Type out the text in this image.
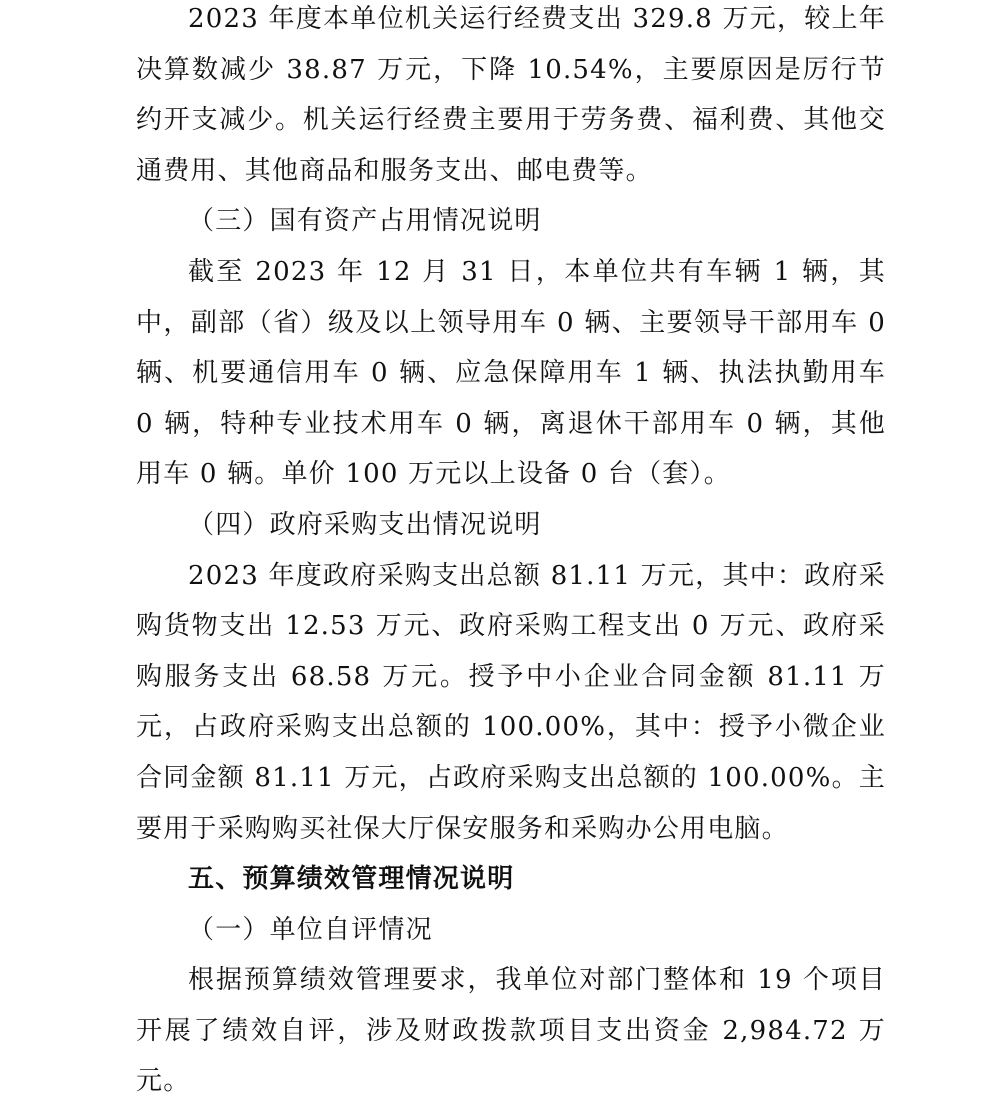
2023 年度本单位机关运行经费支出 329.8 万元，较上年决算数减少 38.87 万元，下降 10.54%，主要原因是厉行节约开支减少。机关运行经费主要用于劳务费、福利费、其他交通费用、其他商品和服务支出、邮电费等。

（三）国有资产占用情况说明

截至 2023 年 12 月 31 日，本单位共有车辆 1 辆，其中，副部（省）级及以上领导用车 0 辆、主要领导干部用车 0 辆、机要通信用车 0 辆、应急保障用车 1 辆、执法执勤用车 0 辆，特种专业技术用车 0 辆，离退休干部用车 0 辆，其他用车 0 辆。单价 100 万元以上设备 0 台（套）。

（四）政府采购支出情况说明

2023 年度政府采购支出总额 81.11 万元，其中：政府采购货物支出 12.53 万元、政府采购工程支出 0 万元、政府采购服务支出 68.58 万元。授予中小企业合同金额 81.11 万元，占政府采购支出总额的 100.00%，其中：授予小微企业合同金额 81.11 万元，占政府采购支出总额的 100.00%。主要用于采购购买社保大厅保安服务和采购办公用电脑。

五、预算绩效管理情况说明

（一）单位自评情况

根据预算绩效管理要求，我单位对部门整体和 19 个项目开展了绩效自评，涉及财政拨款项目支出资金 2,984.72 万元。
